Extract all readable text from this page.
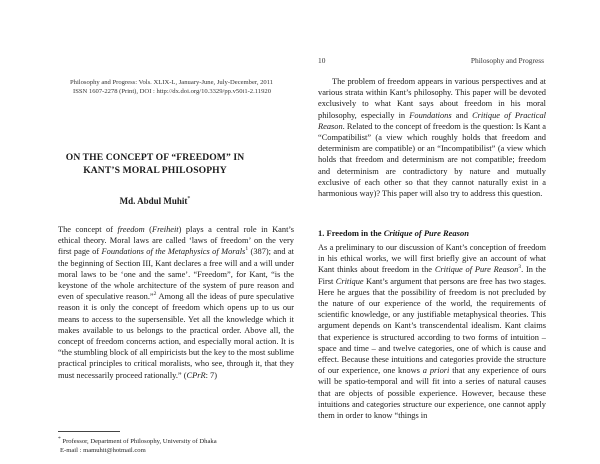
Philosophy and Progress: Vols. XLIX-L, January-June, July-December, 2011
ISSN 1607-2278 (Print), DOI : http://dx.doi.org/10.3329/pp.v50i1-2.11920
ON THE CONCEPT OF “FREEDOM” IN
KANT’S MORAL PHILOSOPHY
Md. Abdul Muhit*

The concept of freedom (Freiheit) plays a central role in Kant’s ethical theory. Moral laws are called ‘laws of freedom’ on the very first page of Foundations of the Metaphysics of Morals$^1$ (387); and at the beginning of Section III, Kant declares a free will and a will under moral laws to be ‘one and the same’. “Freedom”, for Kant, “is the keystone of the whole architecture of the system of pure reason and even of speculative reason.”$^2$ Among all the ideas of pure speculative reason it is only the concept of freedom which opens up to us our means to access to the supersensible. Yet all the knowledge which it makes available to us belongs to the practical order. Above all, the concept of freedom concerns action, and especially moral action. It is “the stumbling block of all empiricists but the key to the most sublime practical principles to critical moralists, who see, through it, that they must necessarily proceed rationally.” (CPrR: 7)

* Professor, Department of Philosophy, University of Dhaka
E-mail : mamuhit@hotmail.com
10	Philosophy and Progress

The problem of freedom appears in various perspectives and at various strata within Kant’s philosophy. This paper will be devoted exclusively to what Kant says about freedom in his moral philosophy, especially in Foundations and Critique of Practical Reason. Related to the concept of freedom is the question: Is Kant a “Compatibilist” (a view which roughly holds that freedom and determinism are compatible) or an “Incompatibilist” (a view which holds that freedom and determinism are not compatible; freedom and determinism are contradictory by nature and mutually exclusive of each other so that they cannot naturally exist in a harmonious way)? This paper will also try to address this question.

1. Freedom in the Critique of Pure Reason

As a preliminary to our discussion of Kant’s conception of freedom in his ethical works, we will first briefly give an account of what Kant thinks about freedom in the Critique of Pure Reason$^3$. In the First Critique Kant’s argument that persons are free has two stages. Here he argues that the possibility of freedom is not precluded by the nature of our experience of the world, the requirements of scientific knowledge, or any justifiable metaphysical theories. This argument depends on Kant’s transcendental idealism. Kant claims that experience is structured according to two forms of intuition – space and time – and twelve categories, one of which is cause and effect. Because these intuitions and categories provide the structure of our experience, one knows a priori that any experience of ours will be spatio-temporal and will fit into a series of natural causes that are objects of possible experience. However, because these intuitions and categories structure our experience, one cannot apply them in order to know “things in
